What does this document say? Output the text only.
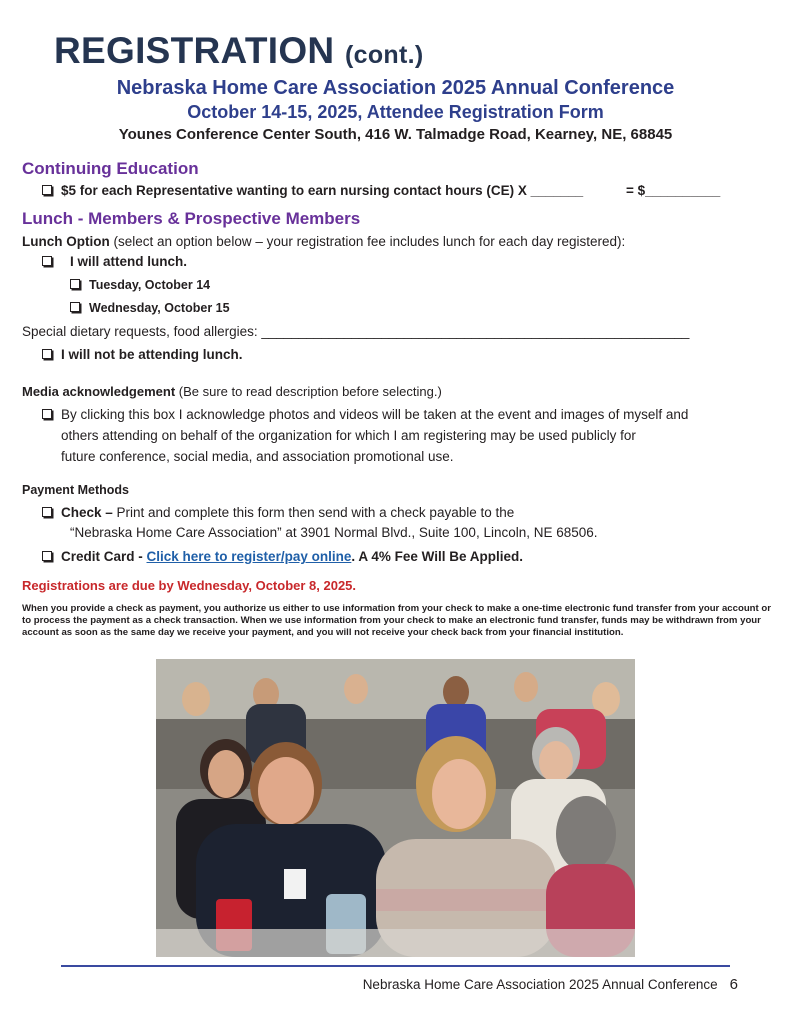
REGISTRATION (cont.)
Nebraska Home Care Association 2025 Annual Conference
October 14-15, 2025, Attendee Registration Form
Younes Conference Center South, 416 W. Talmadge Road, Kearney, NE, 68845
Continuing Education
$5 for each Representative wanting to earn nursing contact hours (CE) X _______	= $__________
Lunch - Members & Prospective Members
Lunch Option (select an option below – your registration fee includes lunch for each day registered):
I will attend lunch.
Tuesday, October 14
Wednesday, October 15
Special dietary requests, food allergies: _________________________________________________________
I will not be attending lunch.
Media acknowledgement (Be sure to read description before selecting.)
By clicking this box I acknowledge photos and videos will be taken at the event and images of myself and
others attending on behalf of the organization for which I am registering may be used publicly for
future conference, social media, and association promotional use.
Payment Methods
Check – Print and complete this form then send with a check payable to the
“Nebraska Home Care Association” at 3901 Normal Blvd., Suite 100, Lincoln, NE 68506.
Credit Card - Click here to register/pay online. A 4% Fee Will Be Applied.
Registrations are due by Wednesday, October 8, 2025.
When you provide a check as payment, you authorize us either to use information from your check to make a one-time electronic fund transfer from your account or to process the payment as a check transaction. When we use information from your check to make an electronic fund transfer, funds may be withdrawn from your account as soon as the same day we receive your payment, and you will not receive your check back from your financial institution.
Nebraska Home Care Association 2025 Annual Conference 6
